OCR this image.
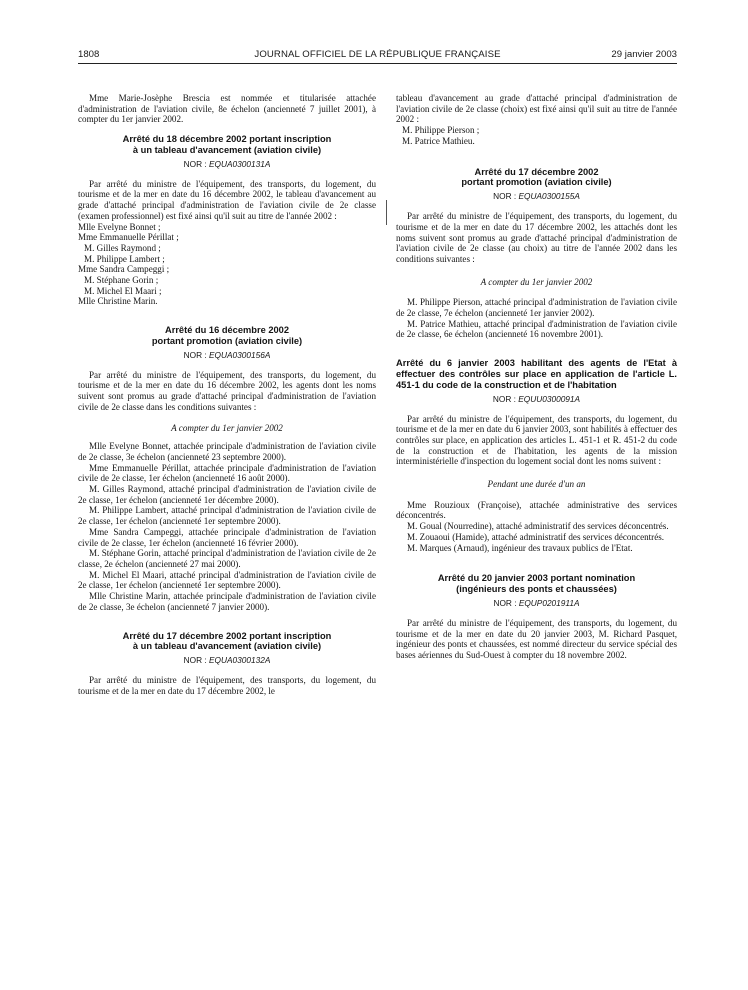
1808	JOURNAL OFFICIEL DE LA RÉPUBLIQUE FRANÇAISE	29 janvier 2003

Mme Marie-Josèphe Brescia est nommée et titularisée attachée d'administration de l'aviation civile, 8e échelon (ancienneté 7 juillet 2001), à compter du 1er janvier 2002.

Arrêté du 18 décembre 2002 portant inscription
à un tableau d'avancement (aviation civile)
NOR : EQUA0300131A

Par arrêté du ministre de l'équipement, des transports, du logement, du tourisme et de la mer en date du 16 décembre 2002, le tableau d'avancement au grade d'attaché principal d'administration de l'aviation civile de 2e classe (examen professionnel) est fixé ainsi qu'il suit au titre de l'année 2002 :

Mlle Evelyne Bonnet ;
Mme Emmanuelle Périllat ;
M. Gilles Raymond ;
M. Philippe Lambert ;
Mme Sandra Campeggi ;
M. Stéphane Gorin ;
M. Michel El Maari ;
Mlle Christine Marin.
Arrêté du 16 décembre 2002
portant promotion (aviation civile)
NOR : EQUA0300156A

Par arrêté du ministre de l'équipement, des transports, du logement, du tourisme et de la mer en date du 16 décembre 2002, les agents dont les noms suivent sont promus au grade d'attaché principal d'administration de l'aviation civile de 2e classe dans les conditions suivantes :

A compter du 1er janvier 2002

Mlle Evelyne Bonnet, attachée principale d'administration de l'aviation civile de 2e classe, 3e échelon (ancienneté 23 septembre 2000).

Mme Emmanuelle Périllat, attachée principale d'administration de l'aviation civile de 2e classe, 1er échelon (ancienneté 16 août 2000).

M. Gilles Raymond, attaché principal d'administration de l'aviation civile de 2e classe, 1er échelon (ancienneté 1er décembre 2000).

M. Philippe Lambert, attaché principal d'administration de l'aviation civile de 2e classe, 1er échelon (ancienneté 1er septembre 2000).

Mme Sandra Campeggi, attachée principale d'administration de l'aviation civile de 2e classe, 1er échelon (ancienneté 16 février 2000).

M. Stéphane Gorin, attaché principal d'administration de l'aviation civile de 2e classe, 2e échelon (ancienneté 27 mai 2000).

M. Michel El Maari, attaché principal d'administration de l'aviation civile de 2e classe, 1er échelon (ancienneté 1er septembre 2000).

Mlle Christine Marin, attachée principale d'administration de l'aviation civile de 2e classe, 3e échelon (ancienneté 7 janvier 2000).

Arrêté du 17 décembre 2002 portant inscription
à un tableau d'avancement (aviation civile)
NOR : EQUA0300132A

Par arrêté du ministre de l'équipement, des transports, du logement, du tourisme et de la mer en date du 17 décembre 2002, le

tableau d'avancement au grade d'attaché principal d'administration de l'aviation civile de 2e classe (choix) est fixé ainsi qu'il suit au titre de l'année 2002 :

M. Philippe Pierson ;
M. Patrice Mathieu.
Arrêté du 17 décembre 2002
portant promotion (aviation civile)
NOR : EQUA0300155A

Par arrêté du ministre de l'équipement, des transports, du logement, du tourisme et de la mer en date du 17 décembre 2002, les attachés dont les noms suivent sont promus au grade d'attaché principal d'administration de l'aviation civile de 2e classe (au choix) au titre de l'année 2002 dans les conditions suivantes :

A compter du 1er janvier 2002

M. Philippe Pierson, attaché principal d'administration de l'aviation civile de 2e classe, 7e échelon (ancienneté 1er janvier 2002).

M. Patrice Mathieu, attaché principal d'administration de l'aviation civile de 2e classe, 6e échelon (ancienneté 16 novembre 2001).

Arrêté du 6 janvier 2003 habilitant des agents de l'Etat à effectuer des contrôles sur place en application de l'article L. 451-1 du code de la construction et de l'habitation
NOR : EQUU0300091A

Par arrêté du ministre de l'équipement, des transports, du logement, du tourisme et de la mer en date du 6 janvier 2003, sont habilités à effectuer des contrôles sur place, en application des articles L. 451-1 et R. 451-2 du code de la construction et de l'habitation, les agents de la mission interministérielle d'inspection du logement social dont les noms suivent :

Pendant une durée d'un an

Mme Rouzioux (Françoise), attachée administrative des services déconcentrés.

M. Goual (Nourredine), attaché administratif des services déconcentrés.

M. Zouaoui (Hamide), attaché administratif des services déconcentrés.

M. Marques (Arnaud), ingénieur des travaux publics de l'Etat.

Arrêté du 20 janvier 2003 portant nomination
(ingénieurs des ponts et chaussées)
NOR : EQUP0201911A

Par arrêté du ministre de l'équipement, des transports, du logement, du tourisme et de la mer en date du 20 janvier 2003, M. Richard Pasquet, ingénieur des ponts et chaussées, est nommé directeur du service spécial des bases aériennes du Sud-Ouest à compter du 18 novembre 2002.
